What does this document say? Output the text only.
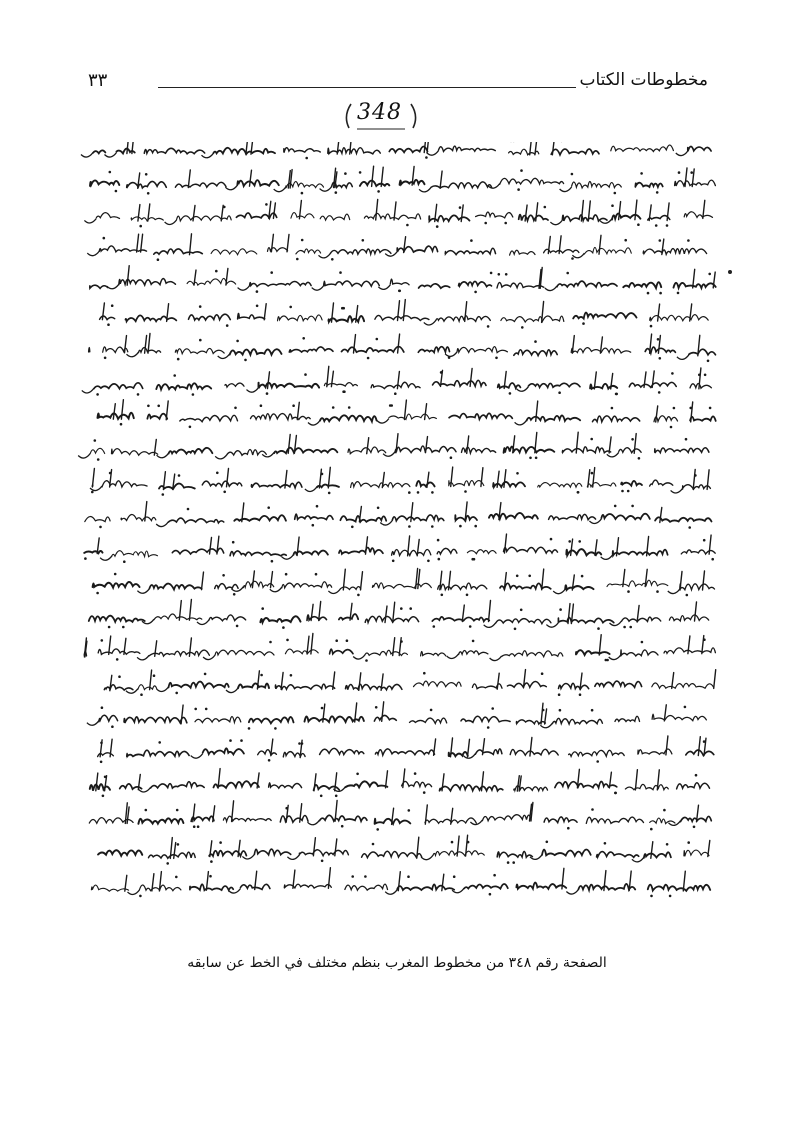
مخطوطات الكتاب
٣٣
348
الصفحة رقم ٣٤٨ من مخطوط المغرب بنظم مختلف في الخط عن سابقه
